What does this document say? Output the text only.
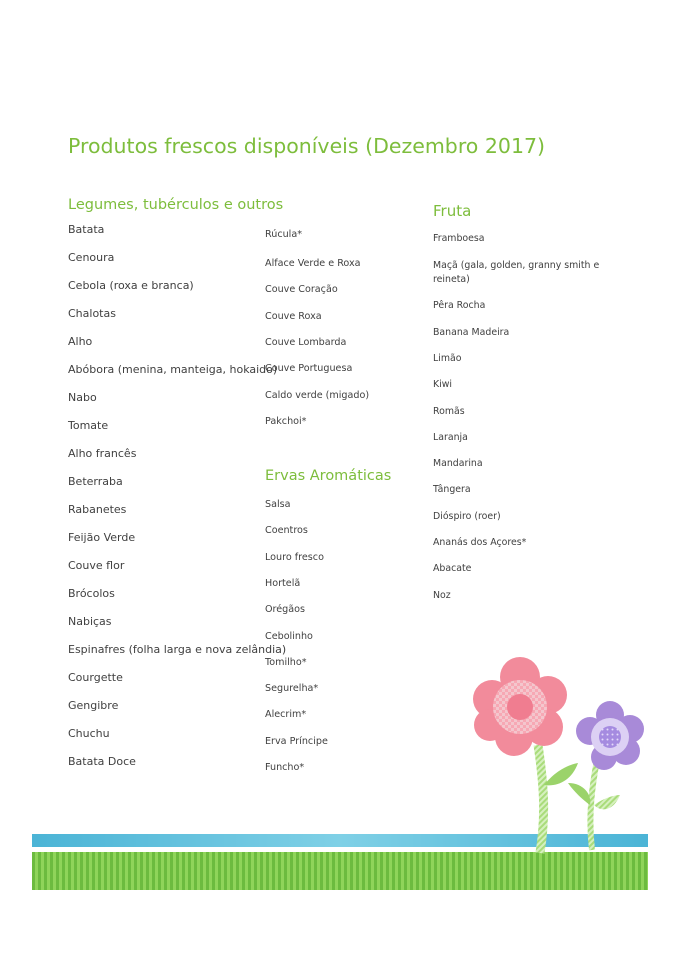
Produtos frescos disponíveis (Dezembro 2017)
Legumes, tubérculos e outros
Batata
Cenoura
Cebola (roxa e branca)
Chalotas
Alho
Abóbora (menina, manteiga, hokaido)
Nabo
Tomate
Alho francês
Beterraba
Rabanetes
Feijão Verde
Couve flor
Brócolos
Nabiças
Espinafres (folha larga e nova zelândia)
Courgette
Gengibre
Chuchu
Batata Doce
Rúcula*
Alface Verde e Roxa
Couve Coração
Couve Roxa
Couve Lombarda
Couve Portuguesa
Caldo verde (migado)
Pakchoi*
Ervas Aromáticas
Salsa
Coentros
Louro fresco
Hortelã
Orégãos
Cebolinho
Tomilho*
Segurelha*
Alecrim*
Erva Príncipe
Funcho*
Fruta
Framboesa
Maçã (gala, golden, granny smith e reineta)
Pêra Rocha
Banana Madeira
Limão
Kiwi
Romãs
Laranja
Mandarina
Tângera
Dióspiro (roer)
Ananás dos Açores*
Abacate
Noz
